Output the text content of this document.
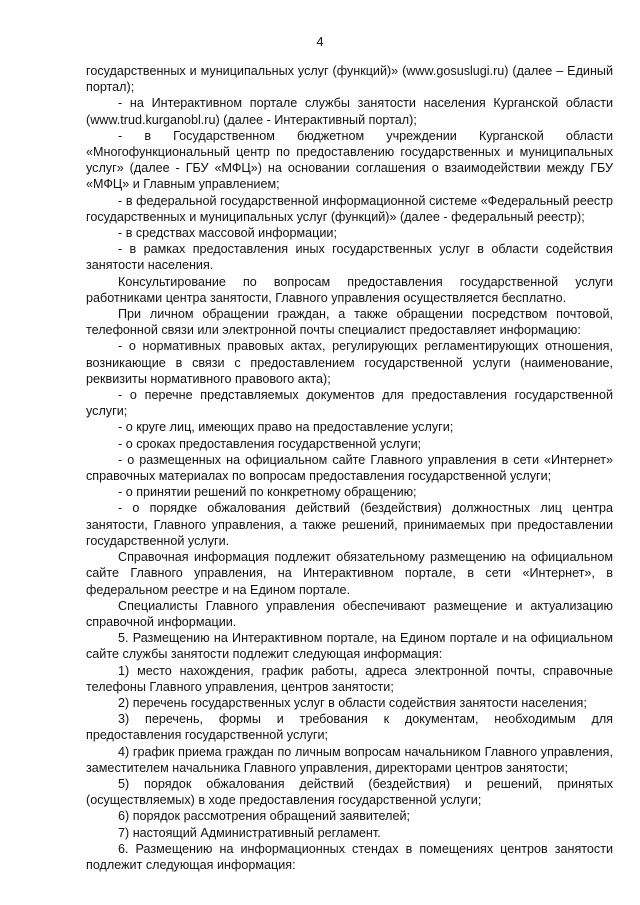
4

государственных и муниципальных услуг (функций)» (www.gosuslugi.ru) (далее – Единый портал);

- на Интерактивном портале службы занятости населения Курганской области (www.trud.kurganobl.ru) (далее - Интерактивный портал);

- в Государственном бюджетном учреждении Курганской области «Многофункциональный центр по предоставлению государственных и муниципальных услуг» (далее - ГБУ «МФЦ») на основании соглашения о взаимодействии между ГБУ «МФЦ» и Главным управлением;

- в федеральной государственной информационной системе «Федеральный реестр государственных и муниципальных услуг (функций)» (далее - федеральный реестр);

- в средствах массовой информации;

- в рамках предоставления иных государственных услуг в области содействия занятости населения.

Консультирование по вопросам предоставления государственной услуги работниками центра занятости, Главного управления осуществляется бесплатно.

При личном обращении граждан, а также обращении посредством почтовой, телефонной связи или электронной почты специалист предоставляет информацию:

- о нормативных правовых актах, регулирующих регламентирующих отношения, возникающие в связи с предоставлением государственной услуги (наименование, реквизиты нормативного правового акта);

- о перечне представляемых документов для предоставления государственной услуги;

- о круге лиц, имеющих право на предоставление услуги;

- о сроках предоставления государственной услуги;

- о размещенных на официальном сайте Главного управления в сети «Интернет» справочных материалах по вопросам предоставления государственной услуги;

- о принятии решений по конкретному обращению;

- о порядке обжалования действий (бездействия) должностных лиц центра занятости, Главного управления, а также решений, принимаемых при предоставлении государственной услуги.

Справочная информация подлежит обязательному размещению на официальном сайте Главного управления, на Интерактивном портале, в сети «Интернет», в федеральном реестре и на Едином портале.

Специалисты Главного управления обеспечивают размещение и актуализацию справочной информации.

5. Размещению на Интерактивном портале, на Едином портале и на официальном сайте службы занятости подлежит следующая информация:

1) место нахождения, график работы, адреса электронной почты, справочные телефоны Главного управления, центров занятости;

2) перечень государственных услуг в области содействия занятости населения;

3) перечень, формы и требования к документам, необходимым для предоставления государственной услуги;

4) график приема граждан по личным вопросам начальником Главного управления, заместителем начальника Главного управления, директорами центров занятости;

5) порядок обжалования действий (бездействия) и решений, принятых (осуществляемых) в ходе предоставления государственной услуги;

6) порядок рассмотрения обращений заявителей;

7) настоящий Административный регламент.

6. Размещению на информационных стендах в помещениях центров занятости подлежит следующая информация:
